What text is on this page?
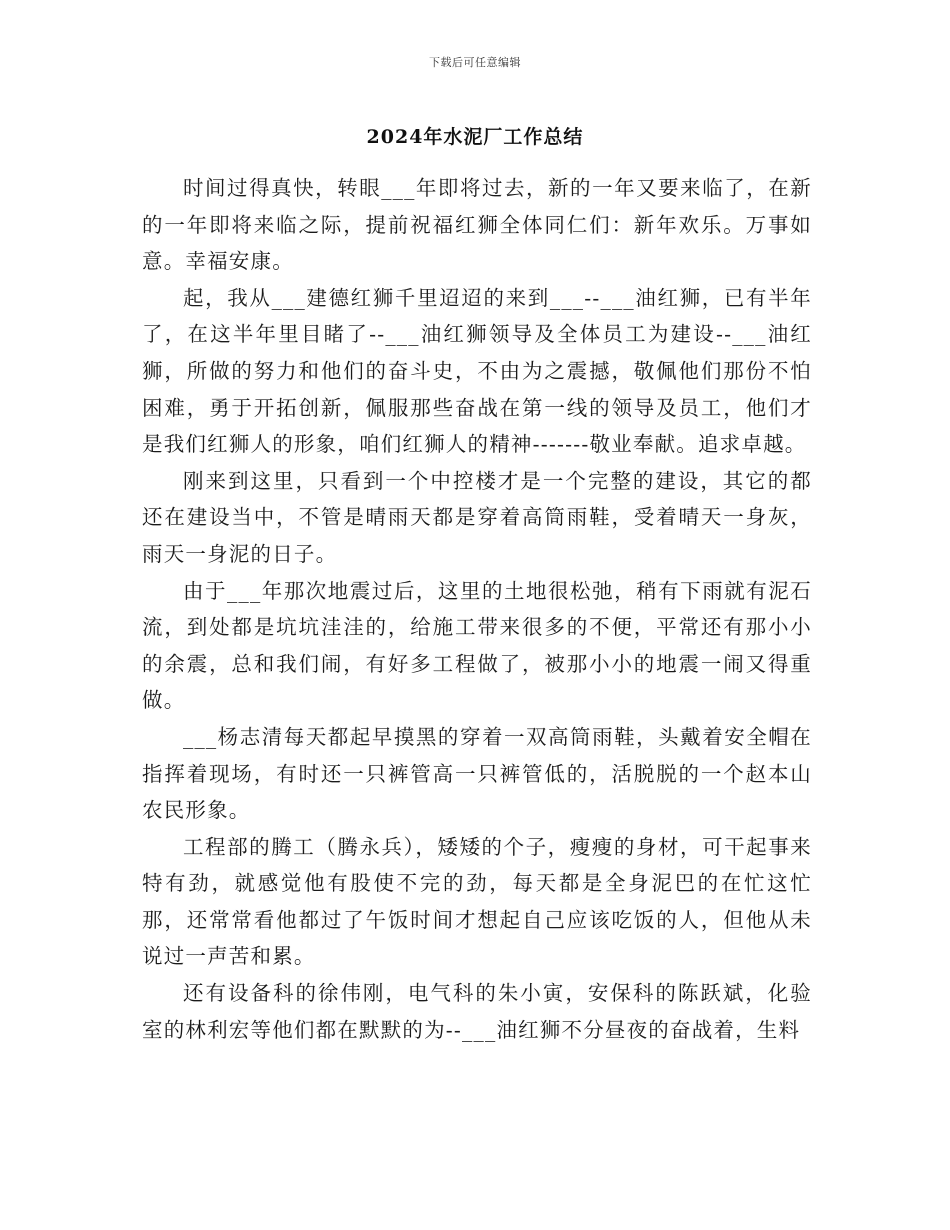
下载后可任意编辑
2024年水泥厂工作总结

时间过得真快，转眼___年即将过去，新的一年又要来临了，在新的一年即将来临之际，提前祝福红狮全体同仁们：新年欢乐。万事如意。幸福安康。

起，我从___建德红狮千里迢迢的来到___--___油红狮，已有半年了，在这半年里目睹了--___油红狮领导及全体员工为建设--___油红狮，所做的努力和他们的奋斗史，不由为之震撼，敬佩他们那份不怕困难，勇于开拓创新，佩服那些奋战在第一线的领导及员工，他们才是我们红狮人的形象，咱们红狮人的精神-------敬业奉献。追求卓越。

刚来到这里，只看到一个中控楼才是一个完整的建设，其它的都还在建设当中，不管是晴雨天都是穿着高筒雨鞋，受着晴天一身灰，雨天一身泥的日子。

由于___年那次地震过后，这里的土地很松弛，稍有下雨就有泥石流，到处都是坑坑洼洼的，给施工带来很多的不便，平常还有那小小的余震，总和我们闹，有好多工程做了，被那小小的地震一闹又得重做。

___杨志清每天都起早摸黑的穿着一双高筒雨鞋，头戴着安全帽在指挥着现场，有时还一只裤管高一只裤管低的，活脱脱的一个赵本山农民形象。

工程部的腾工（腾永兵），矮矮的个子，瘦瘦的身材，可干起事来特有劲，就感觉他有股使不完的劲，每天都是全身泥巴的在忙这忙那，还常常看他都过了午饭时间才想起自己应该吃饭的人，但他从未说过一声苦和累。

还有设备科的徐伟刚，电气科的朱小寅，安保科的陈跃斌，化验室的林利宏等他们都在默默的为--___油红狮不分昼夜的奋战着，生料
